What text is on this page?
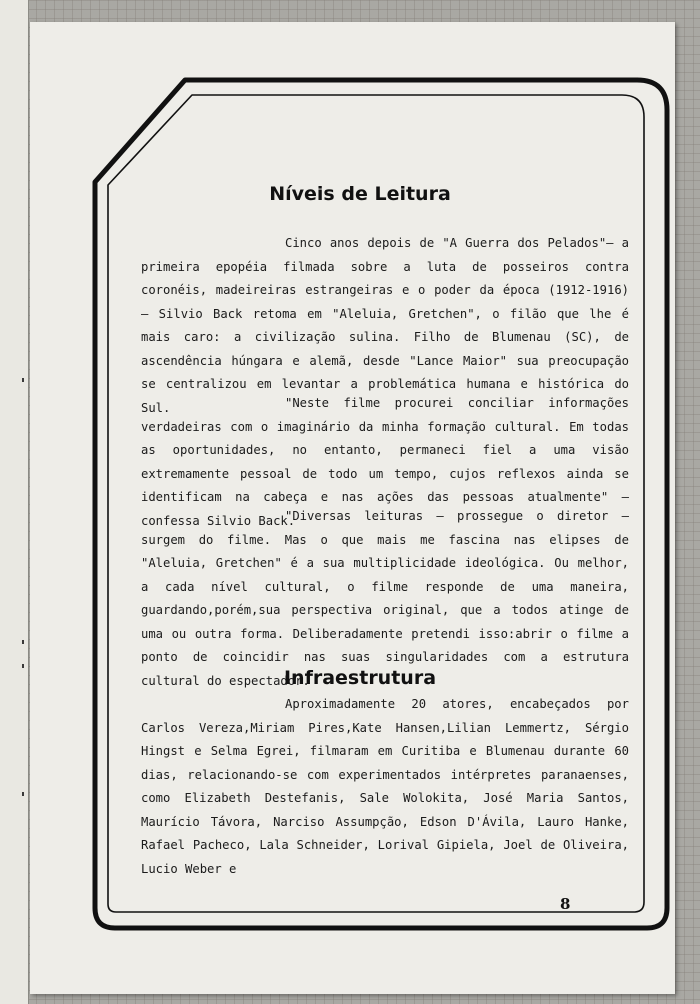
Níveis de Leitura
Cinco anos depois de "A Guerra dos Pelados"— a primeira epopéia filmada sobre a luta de posseiros contra coronéis, madeireiras estrangeiras e o poder da época (1912-1916) — Silvio Back retoma em "Aleluia, Gretchen", o filão que lhe é mais caro: a civilização sulina. Filho de Blumenau (SC), de ascendência húngara e alemã, desde "Lance Maior" sua preocupação se centralizou em levantar a problemática humana e histórica do Sul.	"Neste filme procurei conciliar informações verdadeiras com o imaginário da minha formação cultural. Em todas as oportunidades, no entanto, permaneci fiel a uma visão extremamente pessoal de todo um tempo, cujos reflexos ainda se identificam na cabeça e nas ações das pessoas atualmente" — confessa Silvio Back.
"Diversas leituras — prossegue o diretor — surgem do filme. Mas o que mais me fascina nas elipses de "Aleluia, Gretchen" é a sua multiplicidade ideológica. Ou melhor, a cada nível cultural, o filme responde de uma maneira, guardando,porém,sua perspectiva original, que a todos atinge de uma ou outra forma. Deliberadamente pretendi isso:abrir o filme a ponto de coincidir nas suas singularidades com a estrutura cultural do espectador.
Infraestrutura
Aproximadamente 20 atores, encabeçados por Carlos Vereza,Miriam Pires,Kate Hansen,Lilian Lemmertz, Sérgio Hingst e Selma Egrei, filmaram em Curitiba e Blumenau durante 60 dias, relacionando-se com experimentados intérpretes paranaenses, como Elizabeth Destefanis, Sale Wolokita, José Maria Santos, Maurício Távora, Narciso Assumpção, Edson D'Ávila, Lauro Hanke, Rafael Pacheco, Lala Schneider, Lorival Gipiela, Joel de Oliveira, Lucio Weber e
8
